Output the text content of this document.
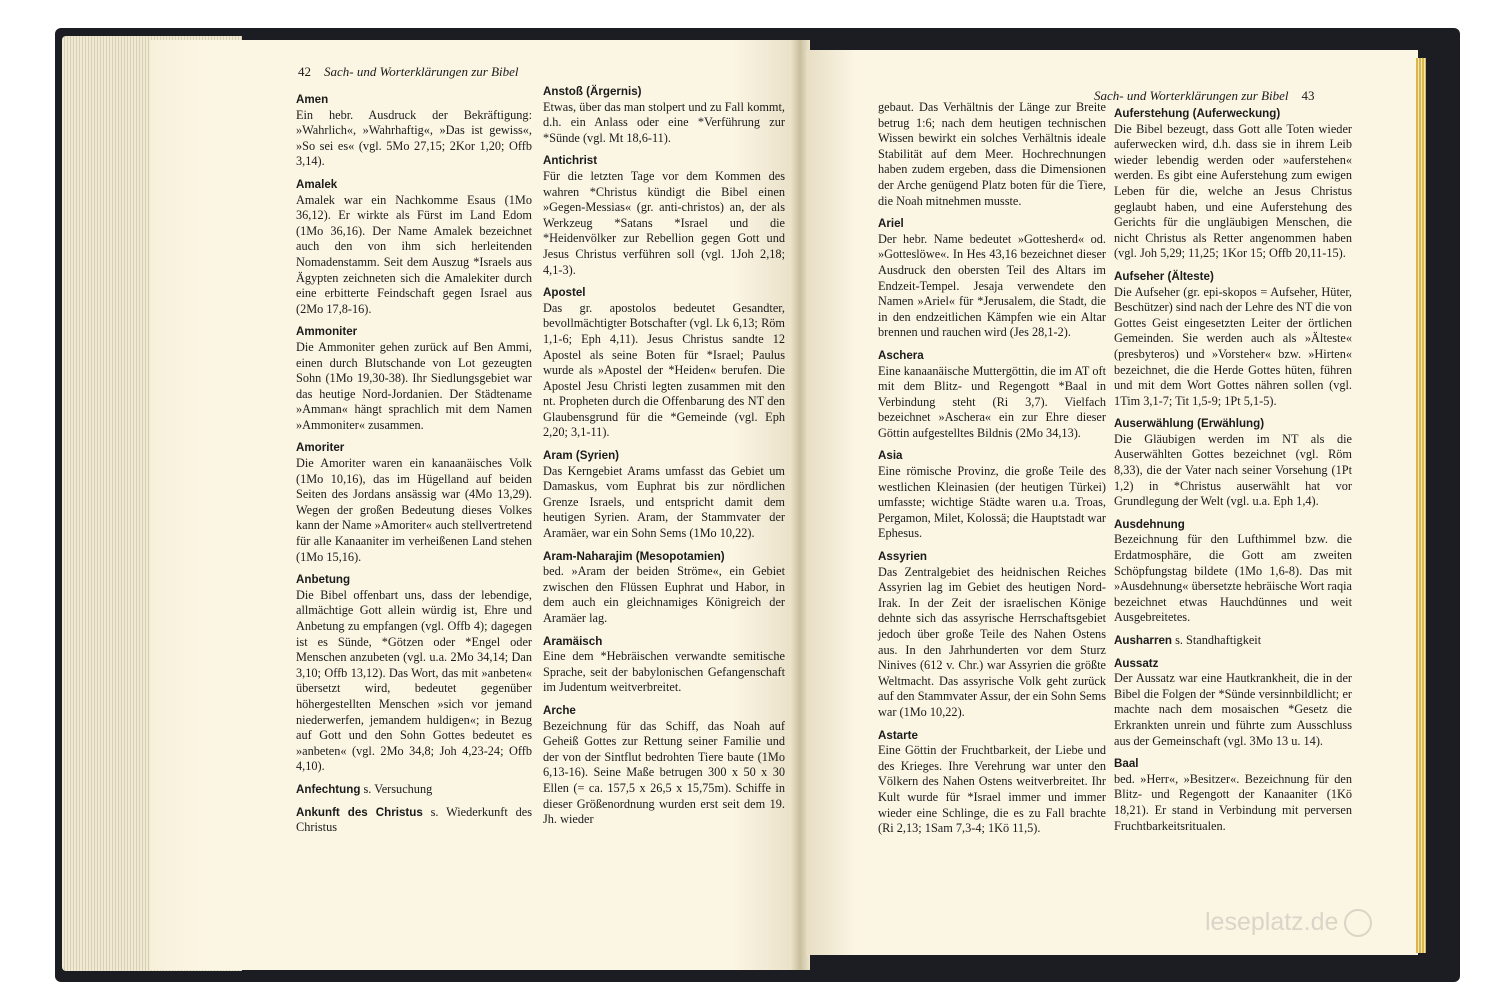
42 Sach- und Worterklärungen zur Bibel
Amen
Ein hebr. Ausdruck der Bekräftigung: »Wahrlich«, »Wahrhaftig«, »Das ist gewiss«, »So sei es« (vgl. 5Mo 27,15; 2Kor 1,20; Offb 3,14).
Amalek
Amalek war ein Nachkomme Esaus (1Mo 36,12). Er wirkte als Fürst im Land Edom (1Mo 36,16). Der Name Amalek bezeichnet auch den von ihm sich herleitenden Nomadenstamm. Seit dem Auszug *Israels aus Ägypten zeichneten sich die Amalekiter durch eine erbitterte Feindschaft gegen Israel aus (2Mo 17,8-16).
Ammoniter
Die Ammoniter gehen zurück auf Ben Ammi, einen durch Blutschande von Lot gezeugten Sohn (1Mo 19,30-38). Ihr Siedlungsgebiet war das heutige Nord-Jordanien. Der Städtename »Amman« hängt sprachlich mit dem Namen »Ammoniter« zusammen.
Amoriter
Die Amoriter waren ein kanaanäisches Volk (1Mo 10,16), das im Hügelland auf beiden Seiten des Jordans ansässig war (4Mo 13,29). Wegen der großen Bedeutung dieses Volkes kann der Name »Amoriter« auch stellvertretend für alle Kanaaniter im verheißenen Land stehen (1Mo 15,16).
Anbetung
Die Bibel offenbart uns, dass der lebendige, allmächtige Gott allein würdig ist, Ehre und Anbetung zu empfangen (vgl. Offb 4); dagegen ist es Sünde, *Götzen oder *Engel oder Menschen anzubeten (vgl. u.a. 2Mo 34,14; Dan 3,10; Offb 13,12). Das Wort, das mit »anbeten« übersetzt wird, bedeutet gegenüber höhergestellten Menschen »sich vor jemand niederwerfen, jemandem huldigen«; in Bezug auf Gott und den Sohn Gottes bedeutet es »anbeten« (vgl. 2Mo 34,8; Joh 4,23-24; Offb 4,10).
Anfechtung s. Versuchung
Ankunft des Christus s. Wiederkunft des Christus
Anstoß (Ärgernis)
Etwas, über das man stolpert und zu Fall kommt, d.h. ein Anlass oder eine *Verführung zur *Sünde (vgl. Mt 18,6-11).
Antichrist
Für die letzten Tage vor dem Kommen des wahren *Christus kündigt die Bibel einen »Gegen-Messias« (gr. anti-christos) an, der als Werkzeug *Satans *Israel und die *Heidenvölker zur Rebellion gegen Gott und Jesus Christus verführen soll (vgl. 1Joh 2,18; 4,1-3).
Apostel
Das gr. apostolos bedeutet Gesandter, bevollmächtigter Botschafter (vgl. Lk 6,13; Röm 1,1-6; Eph 4,11). Jesus Christus sandte 12 Apostel als seine Boten für *Israel; Paulus wurde als »Apostel der *Heiden« berufen. Die Apostel Jesu Christi legten zusammen mit den nt. Propheten durch die Offenbarung des NT den Glaubensgrund für die *Gemeinde (vgl. Eph 2,20; 3,1-11).
Aram (Syrien)
Das Kerngebiet Arams umfasst das Gebiet um Damaskus, vom Euphrat bis zur nördlichen Grenze Israels, und entspricht damit dem heutigen Syrien. Aram, der Stammvater der Aramäer, war ein Sohn Sems (1Mo 10,22).
Aram-Naharajim (Mesopotamien)
bed. »Aram der beiden Ströme«, ein Gebiet zwischen den Flüssen Euphrat und Habor, in dem auch ein gleichnamiges Königreich der Aramäer lag.
Aramäisch
Eine dem *Hebräischen verwandte semitische Sprache, seit der babylonischen Gefangenschaft im Judentum weitverbreitet.
Arche
Bezeichnung für das Schiff, das Noah auf Geheiß Gottes zur Rettung seiner Familie und der von der Sintflut bedrohten Tiere baute (1Mo 6,13-16). Seine Maße betrugen 300 x 50 x 30 Ellen (= ca. 157,5 x 26,5 x 15,75m). Schiffe in dieser Größenordnung wurden erst seit dem 19. Jh. wieder
Sach- und Worterklärungen zur Bibel 43
gebaut. Das Verhältnis der Länge zur Breite betrug 1:6; nach dem heutigen technischen Wissen bewirkt ein solches Verhältnis ideale Stabilität auf dem Meer. Hochrechnungen haben zudem ergeben, dass die Dimensionen der Arche genügend Platz boten für die Tiere, die Noah mitnehmen musste.
Ariel
Der hebr. Name bedeutet »Gottesherd« od. »Gotteslöwe«. In Hes 43,16 bezeichnet dieser Ausdruck den obersten Teil des Altars im Endzeit-Tempel. Jesaja verwendete den Namen »Ariel« für *Jerusalem, die Stadt, die in den endzeitlichen Kämpfen wie ein Altar brennen und rauchen wird (Jes 28,1-2).
Aschera
Eine kanaanäische Muttergöttin, die im AT oft mit dem Blitz- und Regengott *Baal in Verbindung steht (Ri 3,7). Vielfach bezeichnet »Aschera« ein zur Ehre dieser Göttin aufgestelltes Bildnis (2Mo 34,13).
Asia
Eine römische Provinz, die große Teile des westlichen Kleinasien (der heutigen Türkei) umfasste; wichtige Städte waren u.a. Troas, Pergamon, Milet, Kolossä; die Hauptstadt war Ephesus.
Assyrien
Das Zentralgebiet des heidnischen Reiches Assyrien lag im Gebiet des heutigen Nord-Irak. In der Zeit der israelischen Könige dehnte sich das assyrische Herrschaftsgebiet jedoch über große Teile des Nahen Ostens aus. In den Jahrhunderten vor dem Sturz Ninives (612 v. Chr.) war Assyrien die größte Weltmacht. Das assyrische Volk geht zurück auf den Stammvater Assur, der ein Sohn Sems war (1Mo 10,22).
Astarte
Eine Göttin der Fruchtbarkeit, der Liebe und des Krieges. Ihre Verehrung war unter den Völkern des Nahen Ostens weitverbreitet. Ihr Kult wurde für *Israel immer und immer wieder eine Schlinge, die es zu Fall brachte (Ri 2,13; 1Sam 7,3-4; 1Kö 11,5).
Auferstehung (Auferweckung)
Die Bibel bezeugt, dass Gott alle Toten wieder auferwecken wird, d.h. dass sie in ihrem Leib wieder lebendig werden oder »auferstehen« werden. Es gibt eine Auferstehung zum ewigen Leben für die, welche an Jesus Christus geglaubt haben, und eine Auferstehung des Gerichts für die ungläubigen Menschen, die nicht Christus als Retter angenommen haben (vgl. Joh 5,29; 11,25; 1Kor 15; Offb 20,11-15).
Aufseher (Älteste)
Die Aufseher (gr. epi-skopos = Aufseher, Hüter, Beschützer) sind nach der Lehre des NT die von Gottes Geist eingesetzten Leiter der örtlichen Gemeinden. Sie werden auch als »Älteste« (presbyteros) und »Vorsteher« bzw. »Hirten« bezeichnet, die die Herde Gottes hüten, führen und mit dem Wort Gottes nähren sollen (vgl. 1Tim 3,1-7; Tit 1,5-9; 1Pt 5,1-5).
Auserwählung (Erwählung)
Die Gläubigen werden im NT als die Auserwählten Gottes bezeichnet (vgl. Röm 8,33), die der Vater nach seiner Vorsehung (1Pt 1,2) in *Christus auserwählt hat vor Grundlegung der Welt (vgl. u.a. Eph 1,4).
Ausdehnung
Bezeichnung für den Lufthimmel bzw. die Erdatmosphäre, die Gott am zweiten Schöpfungstag bildete (1Mo 1,6-8). Das mit »Ausdehnung« übersetzte hebräische Wort raqia bezeichnet etwas Hauchdünnes und weit Ausgebreitetes.
Ausharren s. Standhaftigkeit
Aussatz
Der Aussatz war eine Hautkrankheit, die in der Bibel die Folgen der *Sünde versinnbildlicht; er machte nach dem mosaischen *Gesetz die Erkrankten unrein und führte zum Ausschluss aus der Gemeinschaft (vgl. 3Mo 13 u. 14).
Baal
bed. »Herr«, »Besitzer«. Bezeichnung für den Blitz- und Regengott der Kanaaniter (1Kö 18,21). Er stand in Verbindung mit perversen Fruchtbarkeitsritualen.
leseplatz.de
